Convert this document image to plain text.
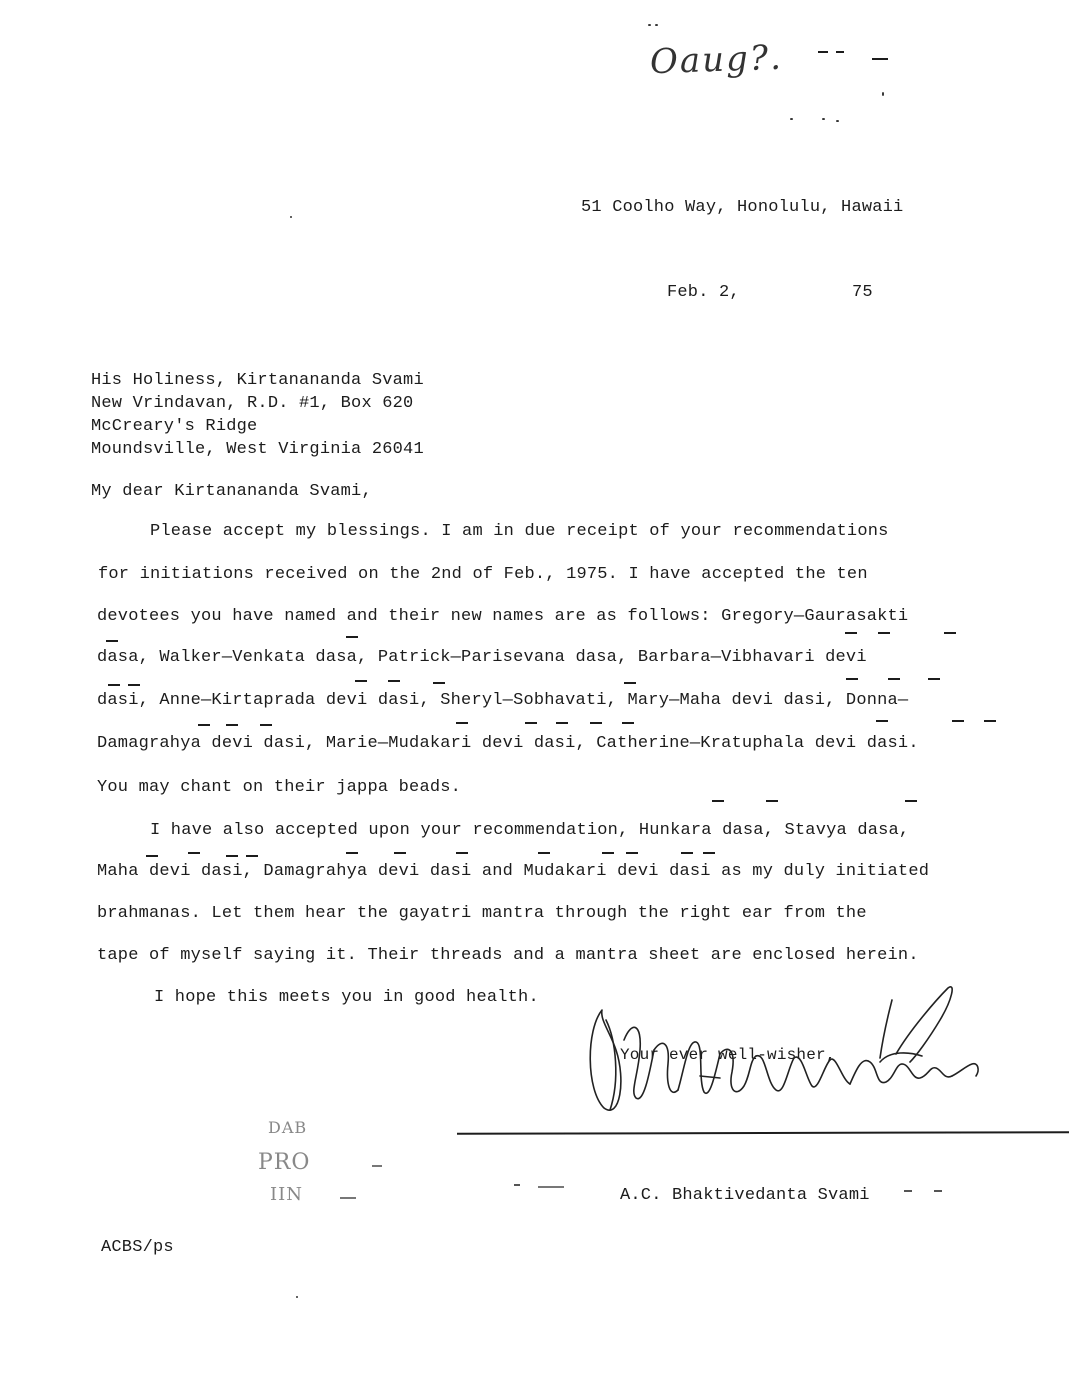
Oaug?.
51 Coolho Way, Honolulu, Hawaii
Feb. 2,	75
His Holiness, Kirtanananda Svami
New Vrindavan, R.D. #1, Box 620
McCreary's Ridge
Moundsville, West Virginia 26041
My dear Kirtanananda Svami,
Please accept my blessings. I am in due receipt of your recommendations
for initiations received on the 2nd of Feb., 1975. I have accepted the ten
devotees you have named and their new names are as follows: Gregory—Gaurasakti
dasa, Walker—Venkata dasa, Patrick—Parisevana dasa, Barbara—Vibhavari devi
dasi, Anne—Kirtaprada devi dasi, Sheryl—Sobhavati, Mary—Maha devi dasi, Donna—
Damagrahya devi dasi, Marie—Mudakari devi dasi, Catherine—Kratuphala devi dasi.
You may chant on their jappa beads.
I have also accepted upon your recommendation, Hunkara dasa, Stavya dasa,
Maha devi dasi, Damagrahya devi dasi and Mudakari devi dasi as my duly initiated
brahmanas. Let them hear the gayatri mantra through the right ear from the
tape of myself saying it. Their threads and a mantra sheet are enclosed herein.
I hope this meets you in good health.
Your ever well-wisher,
DAB
PRO
IIN	A.C. Bhaktivedanta Svami
ACBS/ps
